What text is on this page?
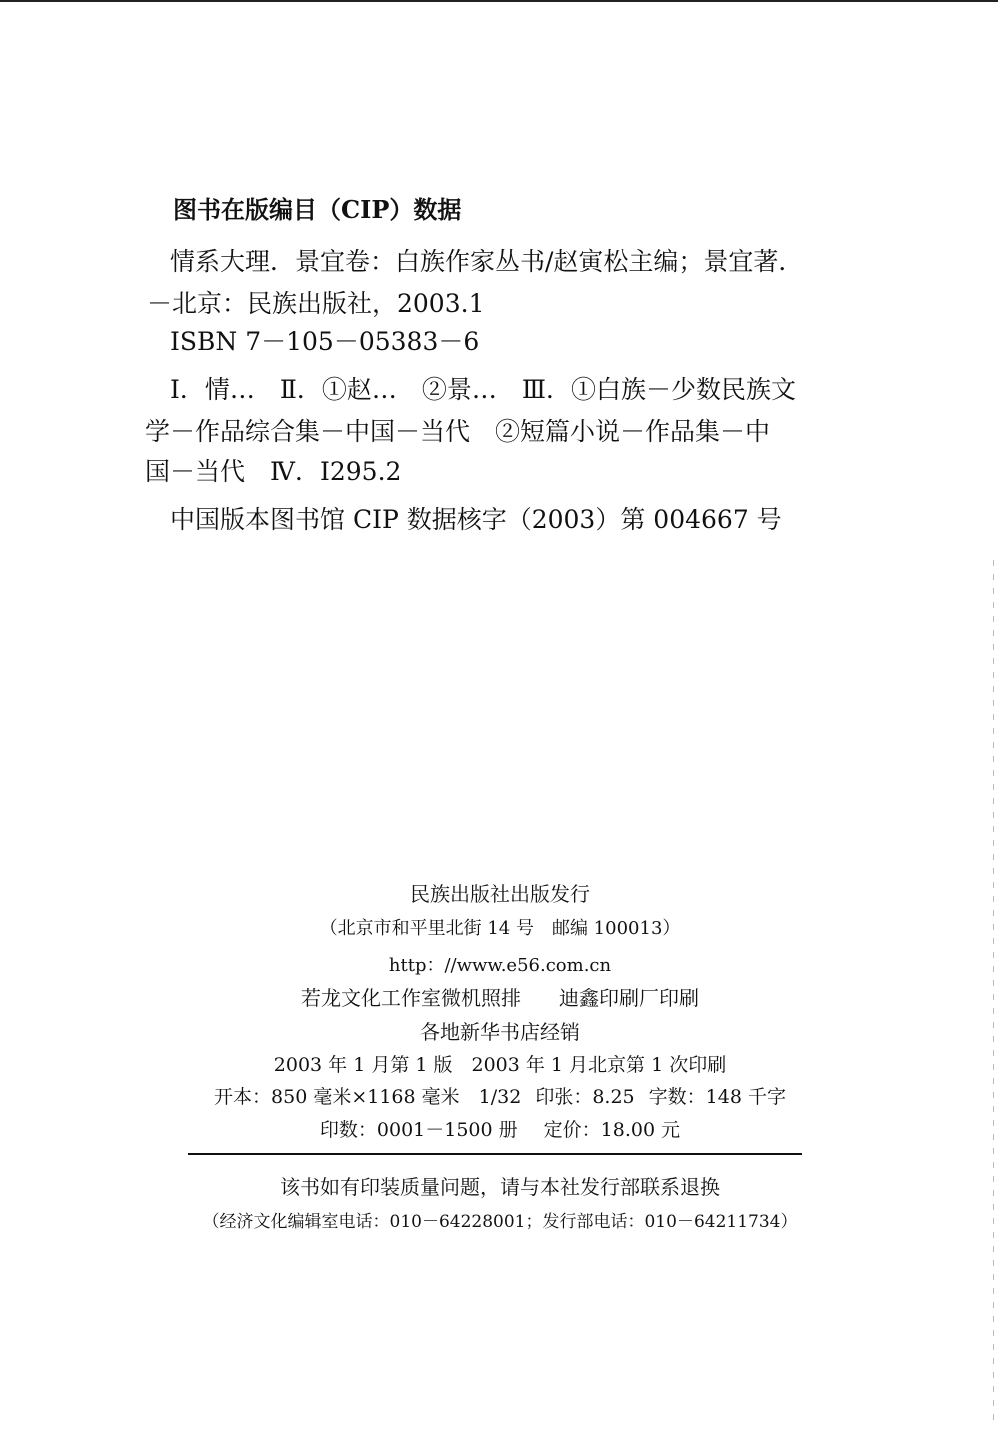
图书在版编目（CIP）数据
情系大理．景宜卷：白族作家丛书/赵寅松主编；景宜著．
－北京：民族出版社，2003.1
ISBN 7－105－05383－6
Ⅰ．情…　Ⅱ．①赵…　②景…　Ⅲ．①白族－少数民族文
学－作品综合集－中国－当代　②短篇小说－作品集－中
国－当代　Ⅳ．I295.2
中国版本图书馆 CIP 数据核字（2003）第 004667 号
民族出版社出版发行
（北京市和平里北街 14 号　邮编 100013）
http：//www.e56.com.cn
若龙文化工作室微机照排 迪鑫印刷厂印刷
各地新华书店经销
2003 年 1 月第 1 版　2003 年 1 月北京第 1 次印刷
开本：850 毫米×1168 毫米　1/32 印张：8.25 字数：148 千字
印数：0001－1500 册 定价：18.00 元
该书如有印装质量问题，请与本社发行部联系退换
（经济文化编辑室电话：010－64228001；发行部电话：010－64211734）
